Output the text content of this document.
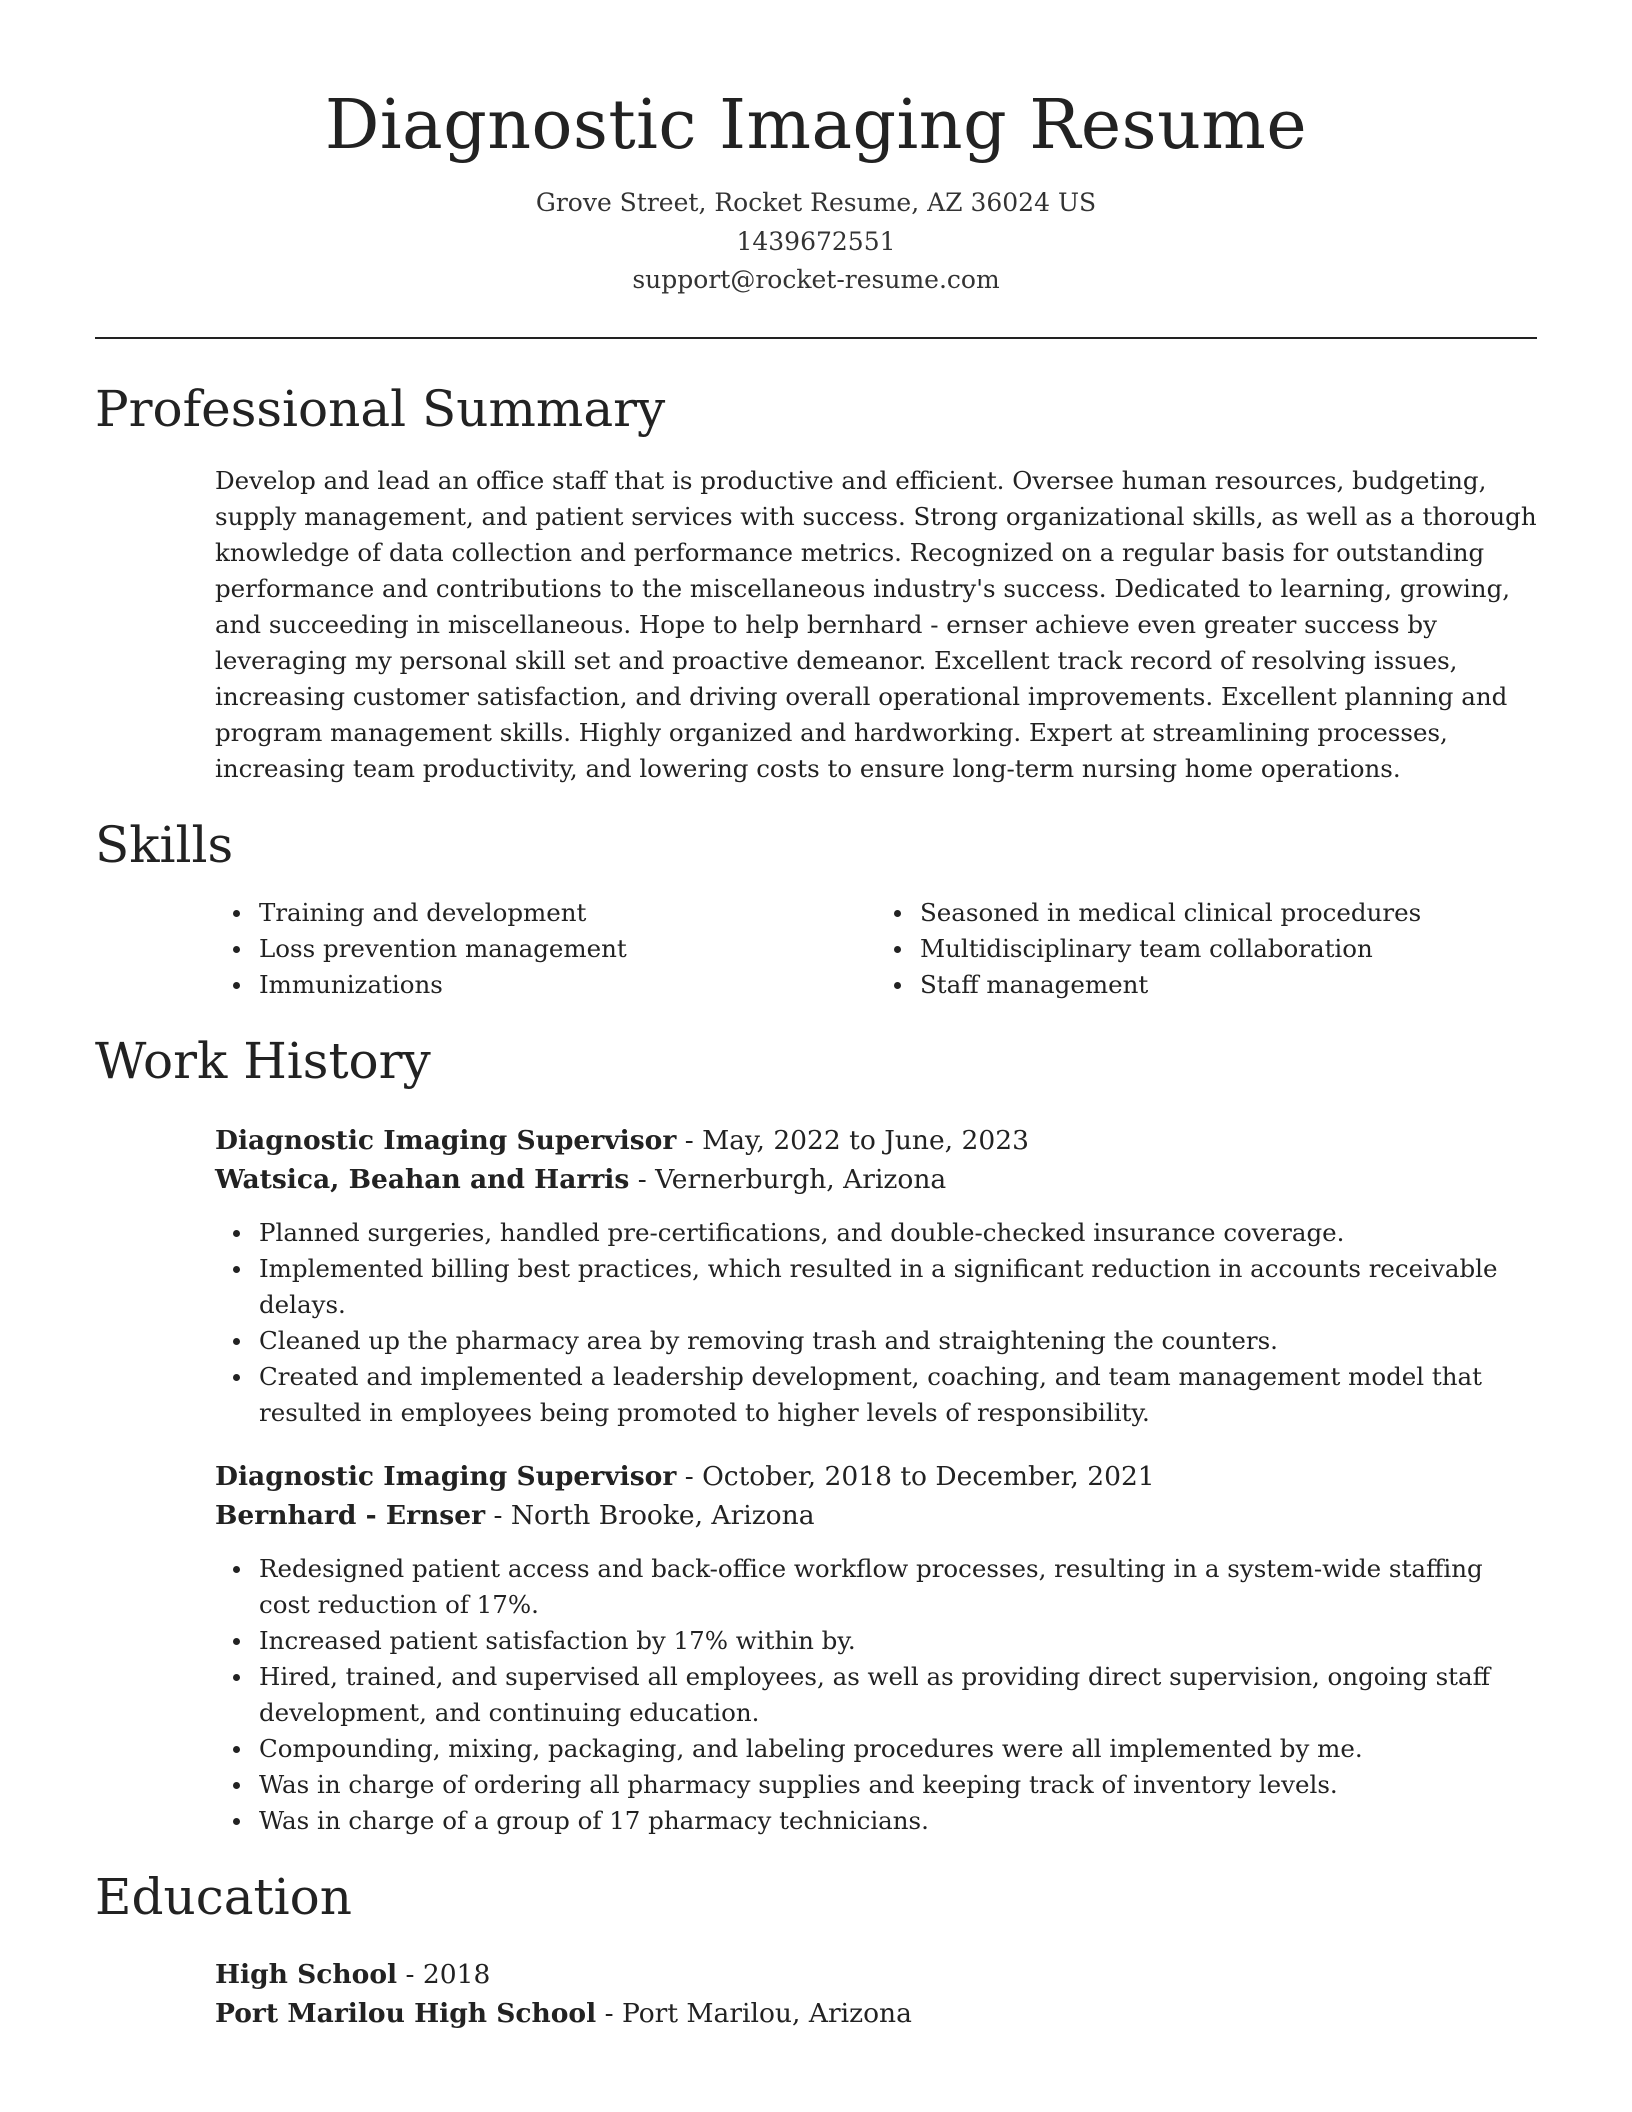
Diagnostic Imaging Resume
Grove Street, Rocket Resume, AZ 36024 US
1439672551
support@rocket-resume.com
Professional Summary

Develop and lead an office staff that is productive and efficient. Oversee human resources, budgeting, supply management, and patient services with success. Strong organizational skills, as well as a thorough knowledge of data collection and performance metrics. Recognized on a regular basis for outstanding performance and contributions to the miscellaneous industry's success. Dedicated to learning, growing, and succeeding in miscellaneous. Hope to help bernhard - ernser achieve even greater success by leveraging my personal skill set and proactive demeanor. Excellent track record of resolving issues, increasing customer satisfaction, and driving overall operational improvements. Excellent planning and program management skills. Highly organized and hardworking. Expert at streamlining processes, increasing team productivity, and lowering costs to ensure long-term nursing home operations.

Skills
Training and development
Loss prevention management
Immunizations
Seasoned in medical clinical procedures
Multidisciplinary team collaboration
Staff management
Work History
Diagnostic Imaging Supervisor - May, 2022 to June, 2023
Watsica, Beahan and Harris - Vernerburgh, Arizona
Planned surgeries, handled pre-certifications, and double-checked insurance coverage.
Implemented billing best practices, which resulted in a significant reduction in accounts receivable delays.
Cleaned up the pharmacy area by removing trash and straightening the counters.
Created and implemented a leadership development, coaching, and team management model that resulted in employees being promoted to higher levels of responsibility.
Diagnostic Imaging Supervisor - October, 2018 to December, 2021
Bernhard - Ernser - North Brooke, Arizona
Redesigned patient access and back-office workflow processes, resulting in a system-wide staffing cost reduction of 17%.
Increased patient satisfaction by 17% within by.
Hired, trained, and supervised all employees, as well as providing direct supervision, ongoing staff development, and continuing education.
Compounding, mixing, packaging, and labeling procedures were all implemented by me.
Was in charge of ordering all pharmacy supplies and keeping track of inventory levels.
Was in charge of a group of 17 pharmacy technicians.
Education
High School - 2018
Port Marilou High School - Port Marilou, Arizona
